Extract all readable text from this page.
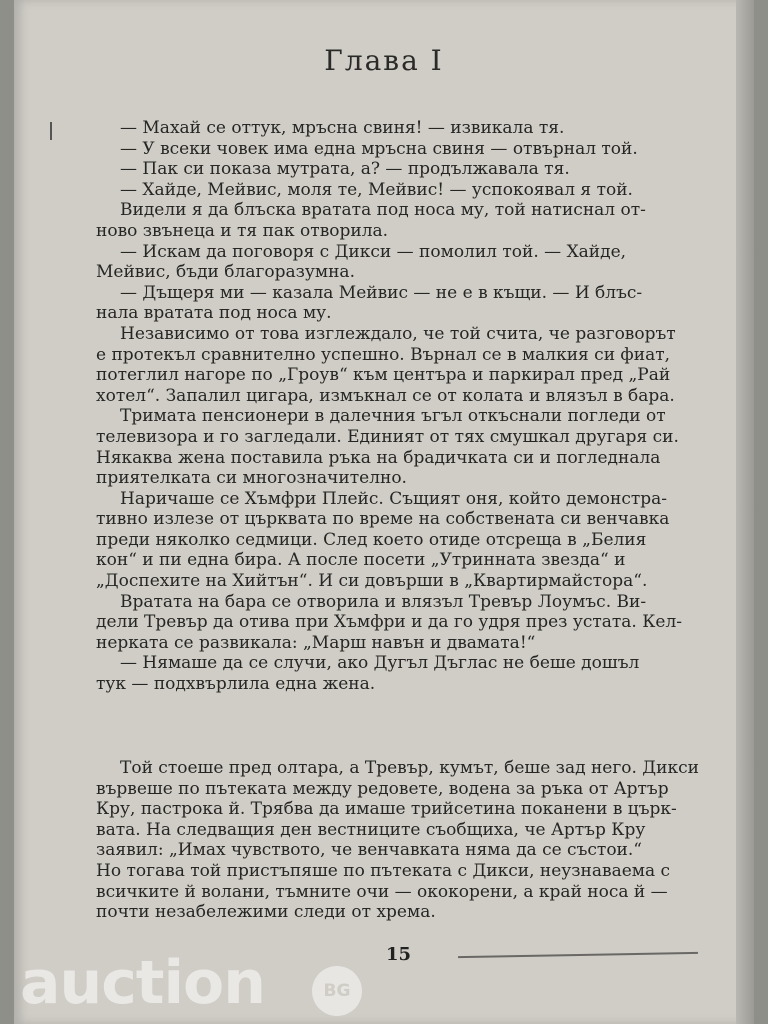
Глава I
— Махай се оттук, мръсна свиня! — извикала тя.
— У всеки човек има една мръсна свиня — отвърнал той.
— Пак си показа мутрата, а? — продължавала тя.
— Хайде, Мейвис, моля те, Мейвис! — успокоявал я той.
Видели я да блъска вратата под носа му, той натиснал от-
ново звънеца и тя пак отворила.
— Искам да поговоря с Дикси — помолил той. — Хайде,
Мейвис, бъди благоразумна.
— Дъщеря ми — казала Мейвис — не е в къщи. — И блъс-
нала вратата под носа му.
Независимо от това изглеждало, че той счита, че разговорът
е протекъл сравнително успешно. Върнал се в малкия си фиат,
потеглил нагоре по „Гроув“ към центъра и паркирал пред „Рай
хотел“. Запалил цигара, измъкнал се от колата и влязъл в бара.
Тримата пенсионери в далечния ъгъл откъснали погледи от
телевизора и го загледали. Единият от тях смушкал другаря си.
Някаква жена поставила ръка на брадичката си и погледнала
приятелката си многозначително.
Наричаше се Хъмфри Плейс. Същият оня, който демонстра-
тивно излезе от църквата по време на собствената си венчавка
преди няколко седмици. След което отиде отсреща в „Белия
кон“ и пи една бира. А после посети „Утринната звезда“ и
„Доспехите на Хийтън“. И си довърши в „Квартирмайстора“.
Вратата на бара се отворила и влязъл Тревър Лоумъс. Ви-
дели Тревър да отива при Хъмфри и да го удря през устата. Кел-
нерката се развикала: „Марш навън и двамата!“
— Нямаше да се случи, ако Дугъл Дъглас не беше дошъл
тук — подхвърлила една жена.
Той стоеше пред олтара, а Тревър, кумът, беше зад него. Дикси
вървеше по пътеката между редовете, водена за ръка от Артър
Кру, пастрока й. Трябва да имаше трийсетина поканени в църк-
вата. На следващия ден вестниците съобщиха, че Артър Кру
заявил: „Имах чувството, че венчавката няма да се състои.“
Но тогава той пристъпяше по пътеката с Дикси, неузнаваема с
всичките й волани, тъмните очи — ококорени, а край носа й —
почти незабележими следи от хрема.
15
auction	BG
